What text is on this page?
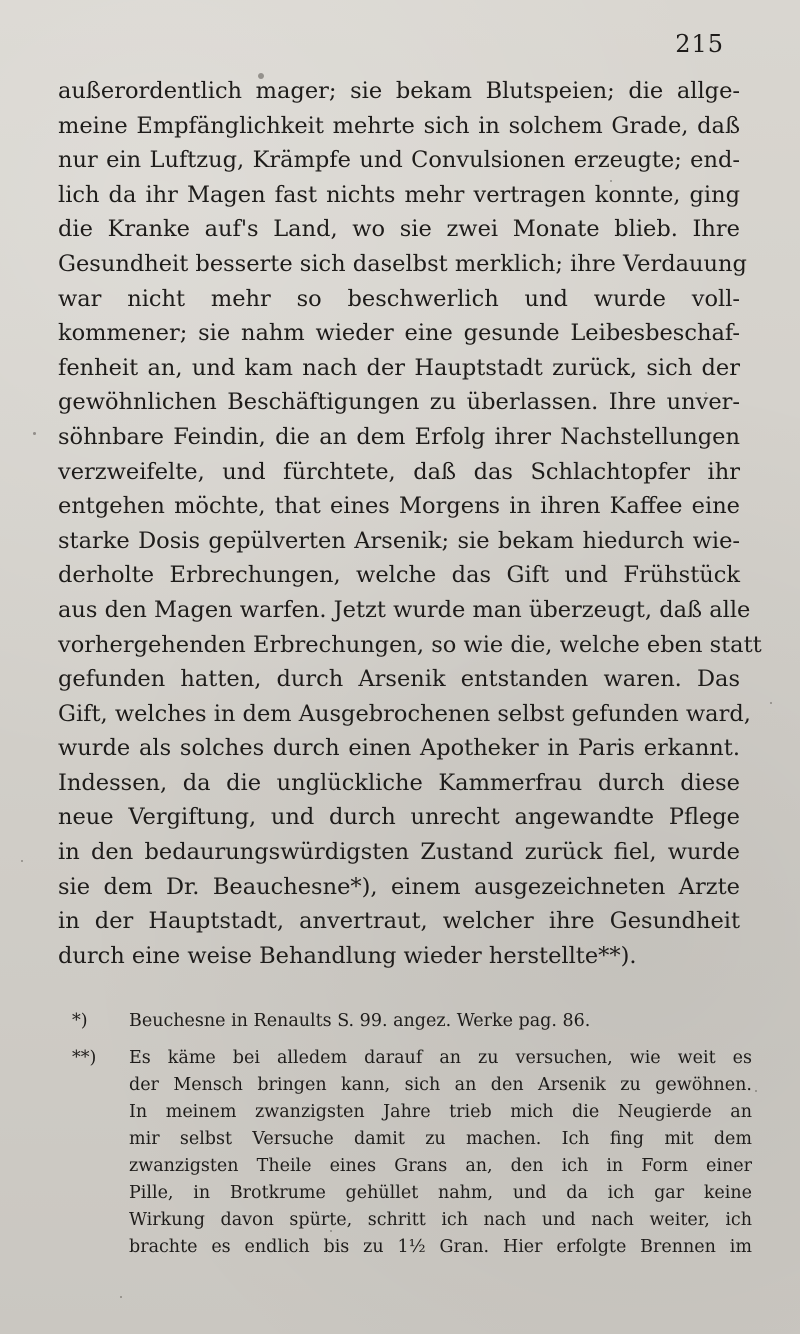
215
außerordentlich mager; sie bekam Blutspeien; die allge-
meine Empfänglichkeit mehrte sich in solchem Grade, daß
nur ein Luftzug, Krämpfe und Convulsionen erzeugte; end-
lich da ihr Magen fast nichts mehr vertragen konnte, ging
die Kranke auf's Land, wo sie zwei Monate blieb. Ihre
Gesundheit besserte sich daselbst merklich; ihre Verdauung
war nicht mehr so beschwerlich und wurde voll-
kommener; sie nahm wieder eine gesunde Leibesbeschaf-
fenheit an, und kam nach der Hauptstadt zurück, sich der
gewöhnlichen Beschäftigungen zu überlassen. Ihre unver-
söhnbare Feindin, die an dem Erfolg ihrer Nachstellungen
verzweifelte, und fürchtete, daß das Schlachtopfer ihr
entgehen möchte, that eines Morgens in ihren Kaffee eine
starke Dosis gepülverten Arsenik; sie bekam hiedurch wie-
derholte Erbrechungen, welche das Gift und Frühstück
aus den Magen warfen. Jetzt wurde man überzeugt, daß alle
vorhergehenden Erbrechungen, so wie die, welche eben statt
gefunden hatten, durch Arsenik entstanden waren. Das
Gift, welches in dem Ausgebrochenen selbst gefunden ward,
wurde als solches durch einen Apotheker in Paris erkannt.
Indessen, da die unglückliche Kammerfrau durch diese
neue Vergiftung, und durch unrecht angewandte Pflege
in den bedaurungswürdigsten Zustand zurück fiel, wurde
sie dem Dr. Beauchesne*), einem ausgezeichneten Arzte
in der Hauptstadt, anvertraut, welcher ihre Gesundheit
durch eine weise Behandlung wieder herstellte**).
*)	Beuchesne in Renaults S. 99. angez. Werke pag. 86.
**)	Es käme bei alledem darauf an zu versuchen, wie weit es
der Mensch bringen kann, sich an den Arsenik zu gewöhnen.
In meinem zwanzigsten Jahre trieb mich die Neugierde an
mir selbst Versuche damit zu machen. Ich fing mit dem
zwanzigsten Theile eines Grans an, den ich in Form einer
Pille, in Brotkrume gehüllet nahm, und da ich gar keine
Wirkung davon spürte, schritt ich nach und nach weiter, ich
brachte es endlich bis zu 1½ Gran. Hier erfolgte Brennen im
